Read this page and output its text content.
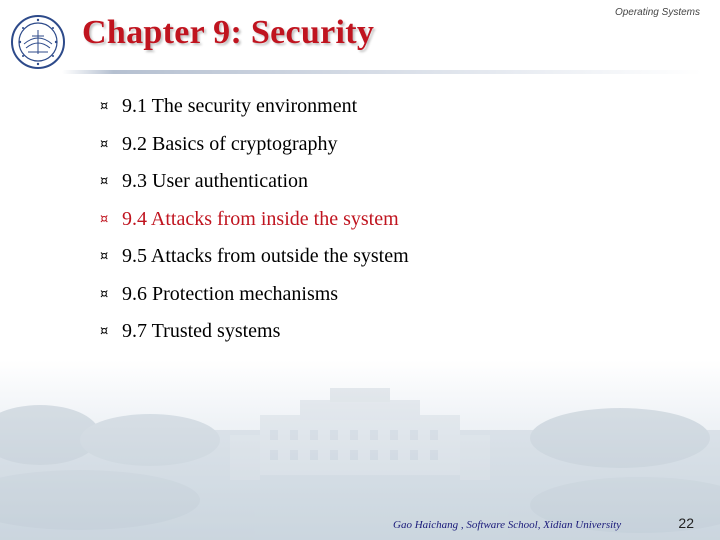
Chapter 9: Security
Operating Systems
¤ 9.1 The security environment
¤ 9.2 Basics of cryptography
¤ 9.3 User authentication
¤ 9.4 Attacks from inside the system
¤ 9.5 Attacks from outside the system
¤ 9.6 Protection mechanisms
¤ 9.7 Trusted systems
Gao Haichang , Software School, Xidian University	22
